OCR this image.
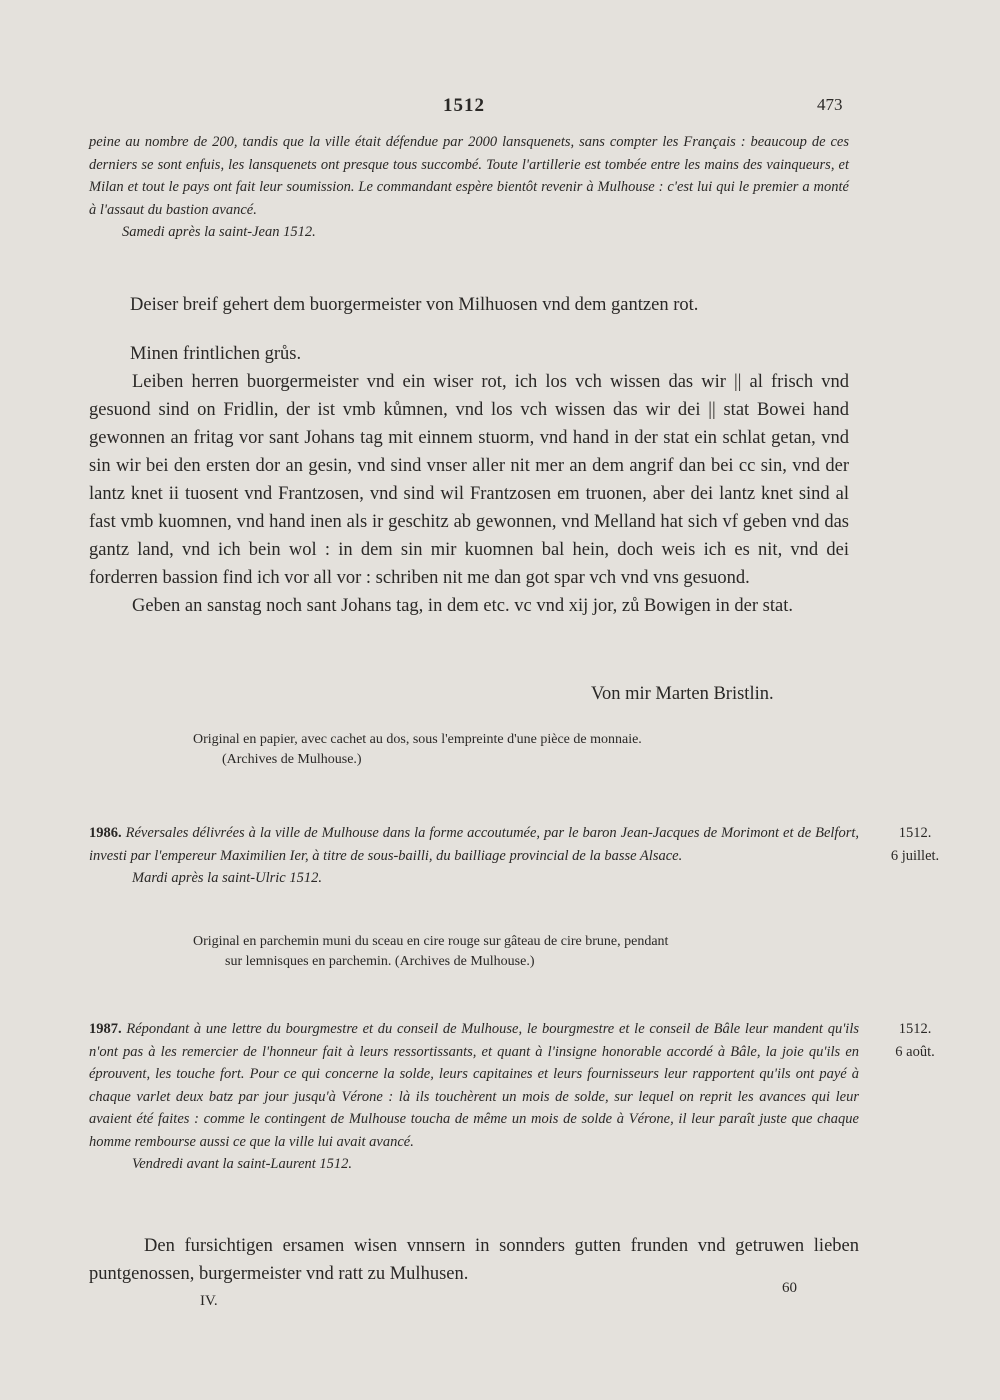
1512	473
peine au nombre de 200, tandis que la ville était défendue par 2000 lansquenets, sans compter les Français : beaucoup de ces derniers se sont enfuis, les lansquenets ont presque tous succombé. Toute l'artillerie est tombée entre les mains des vainqueurs, et Milan et tout le pays ont fait leur soumission. Le commandant espère bientôt revenir à Mulhouse : c'est lui qui le premier a monté à l'assaut du bastion avancé.
Samedi après la saint-Jean 1512.
Deiser breif gehert dem buorgermeister von Milhuosen vnd dem gantzen rot.
Minen frintlichen grůs.

Leiben herren buorgermeister vnd ein wiser rot, ich los vch wissen das wir || al frisch vnd gesuond sind on Fridlin, der ist vmb kůmnen, vnd los vch wissen das wir dei || stat Bowei hand gewonnen an fritag vor sant Johans tag mit einnem stuorm, vnd hand in der stat ein schlat getan, vnd sin wir bei den ersten dor an gesin, vnd sind vnser aller nit mer an dem angrif dan bei cc sin, vnd der lantz knet ii tuosent vnd Frantzosen, vnd sind wil Frantzosen em truonen, aber dei lantz knet sind al fast vmb kuomnen, vnd hand inen als ir geschitz ab gewonnen, vnd Melland hat sich vf geben vnd das gantz land, vnd ich bein wol : in dem sin mir kuomnen bal hein, doch weis ich es nit, vnd dei forderren bassion find ich vor all vor : schriben nit me dan got spar vch vnd vns gesuond.

Geben an sanstag noch sant Johans tag, in dem etc. vc vnd xij jor, zů Bowigen in der stat.

Von mir Marten Bristlin.
Original en papier, avec cachet au dos, sous l'empreinte d'une pièce de monnaie.
(Archives de Mulhouse.)
1986. Réversales délivrées à la ville de Mulhouse dans la forme accoutumée, par le baron Jean-Jacques de Morimont et de Belfort, investi par l'empereur Maximilien Ier, à titre de sous-bailli, du bailliage provincial de la basse Alsace.
Mardi après la saint-Ulric 1512.
1512.
6 juillet.
Original en parchemin muni du sceau en cire rouge sur gâteau de cire brune, pendant
sur lemnisques en parchemin. (Archives de Mulhouse.)
1987. Répondant à une lettre du bourgmestre et du conseil de Mulhouse, le bourgmestre et le conseil de Bâle leur mandent qu'ils n'ont pas à les remercier de l'honneur fait à leurs ressortissants, et quant à l'insigne honorable accordé à Bâle, la joie qu'ils en éprouvent, les touche fort. Pour ce qui concerne la solde, leurs capitaines et leurs fournisseurs leur rapportent qu'ils ont payé à chaque varlet deux batz par jour jusqu'à Vérone : là ils touchèrent un mois de solde, sur lequel on reprit les avances qui leur avaient été faites : comme le contingent de Mulhouse toucha de même un mois de solde à Vérone, il leur paraît juste que chaque homme rembourse aussi ce que la ville lui avait avancé.
Vendredi avant la saint-Laurent 1512.
1512.
6 août.

Den fursichtigen ersamen wisen vnnsern in sonnders gutten frunden vnd getruwen lieben puntgenossen, burgermeister vnd ratt zu Mulhusen.

IV.
60
